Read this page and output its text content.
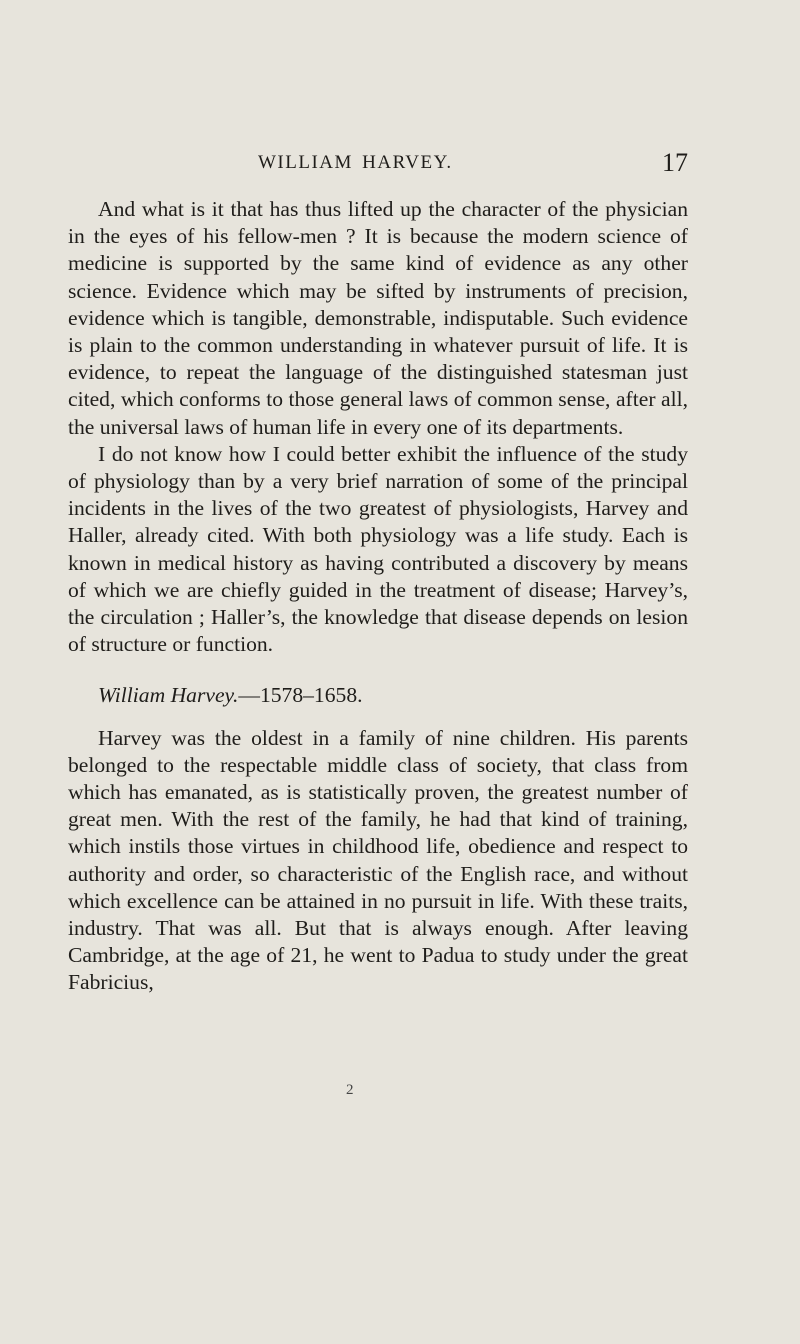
WILLIAM HARVEY.	17

And what is it that has thus lifted up the character of the physician in the eyes of his fellow-men ? It is because the modern science of medicine is supported by the same kind of evidence as any other science. Evidence which may be sifted by instruments of precision, evidence which is tangible, demonstrable, indisputable. Such evidence is plain to the common understanding in whatever pursuit of life. It is evidence, to repeat the language of the distinguished statesman just cited, which conforms to those general laws of common sense, after all, the universal laws of human life in every one of its departments.

I do not know how I could better exhibit the influence of the study of physiology than by a very brief narration of some of the principal incidents in the lives of the two greatest of physiologists, Harvey and Haller, already cited. With both physiology was a life study. Each is known in medical history as having contributed a discovery by means of which we are chiefly guided in the treatment of disease; Harvey’s, the circulation ; Haller’s, the knowledge that disease depends on lesion of structure or function.

William Harvey.—1578–1658.

Harvey was the oldest in a family of nine children. His parents belonged to the respectable middle class of society, that class from which has emanated, as is statistically proven, the greatest number of great men. With the rest of the family, he had that kind of training, which instils those virtues in childhood life, obedience and respect to authority and order, so characteristic of the English race, and without which excellence can be attained in no pursuit in life. With these traits, industry. That was all. But that is always enough. After leaving Cambridge, at the age of 21, he went to Padua to study under the great Fabricius,

2
